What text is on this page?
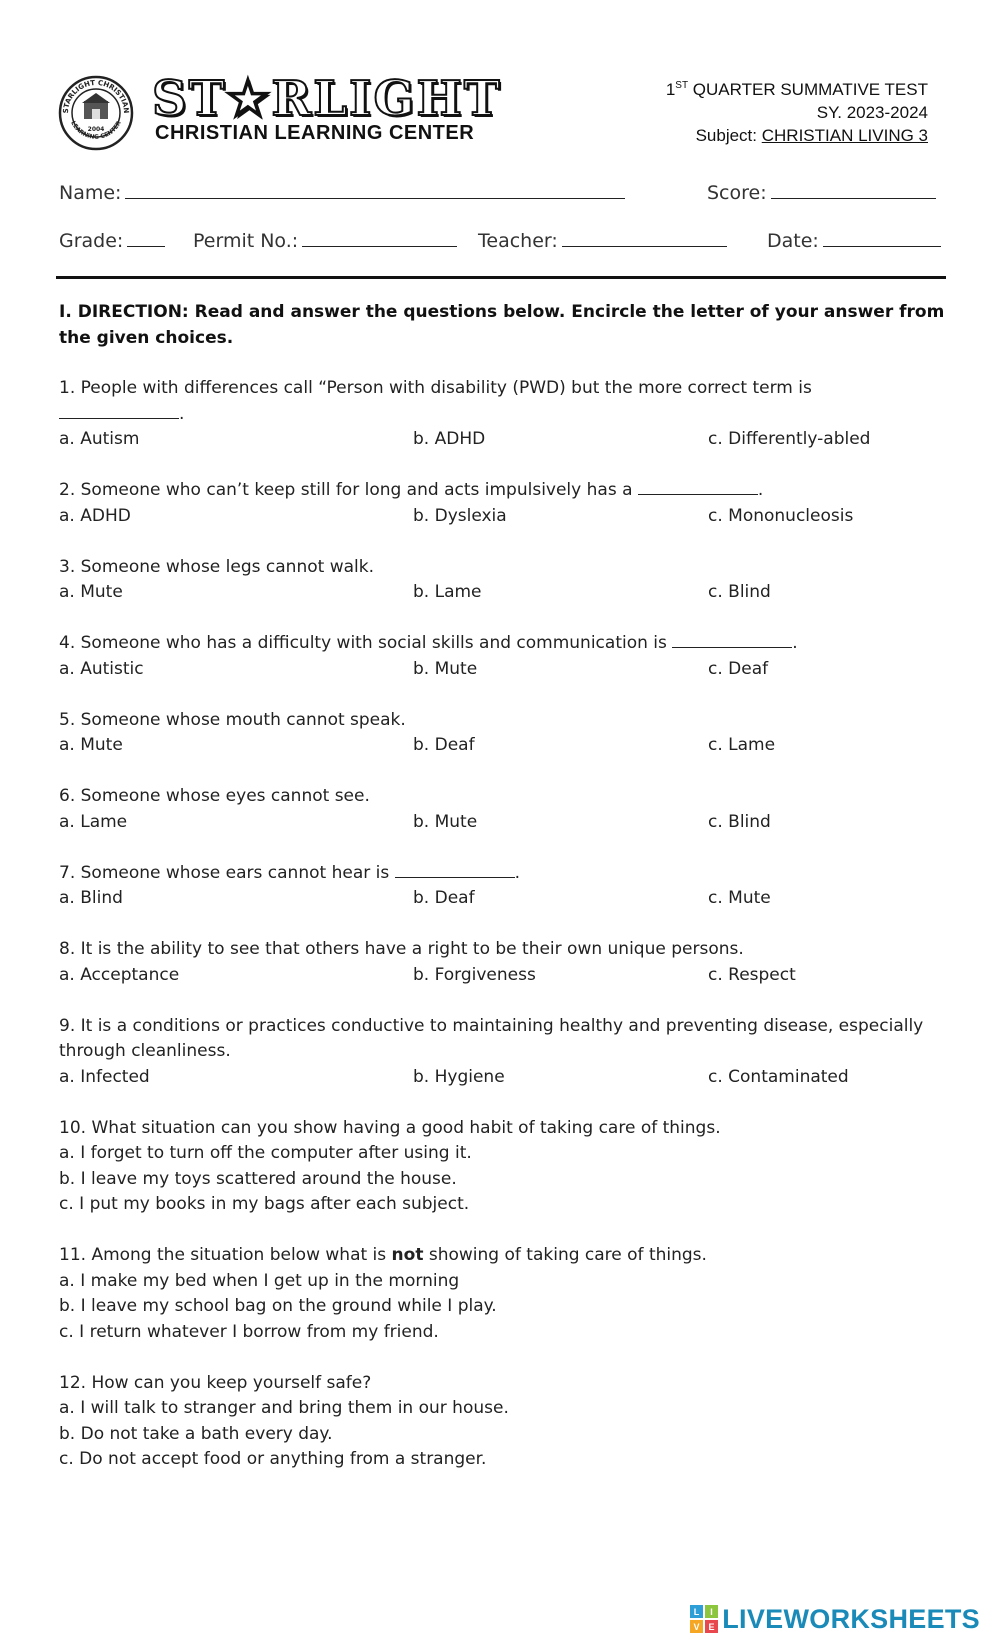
STARLIGHT CHRISTIAN
LEARNING CENTER
2004
ST★RLIGHT
CHRISTIAN LEARNING CENTER
1ST QUARTER SUMMATIVE TEST
SY. 2023-2024
Subject: CHRISTIAN LIVING 3
Name:	Score:
Grade:	Permit No.:	Teacher:	Date:
I. DIRECTION: Read and answer the questions below. Encircle the letter of your answer from the given choices.
1. People with differences call “Person with disability (PWD) but the more correct term is
.
a. Autism	b. ADHD	c. Differently-abled
2. Someone who can’t keep still for long and acts impulsively has a	.
a. ADHD	b. Dyslexia	c. Mononucleosis
3. Someone whose legs cannot walk.
a. Mute	b. Lame	c. Blind
4. Someone who has a difficulty with social skills and communication is	.
a. Autistic	b. Mute	c. Deaf
5. Someone whose mouth cannot speak.
a. Mute	b. Deaf	c. Lame
6. Someone whose eyes cannot see.
a. Lame	b. Mute	c. Blind
7. Someone whose ears cannot hear is	.
a. Blind	b. Deaf	c. Mute
8. It is the ability to see that others have a right to be their own unique persons.
a. Acceptance	b. Forgiveness	c. Respect
9. It is a conditions or practices conductive to maintaining healthy and preventing disease, especially through cleanliness.
a. Infected	b. Hygiene	c. Contaminated
10. What situation can you show having a good habit of taking care of things.
a. I forget to turn off the computer after using it.
b. I leave my toys scattered around the house.
c. I put my books in my bags after each subject.
11. Among the situation below what is not showing of taking care of things.
a. I make my bed when I get up in the morning
b. I leave my school bag on the ground while I play.
c. I return whatever I borrow from my friend.
12. How can you keep yourself safe?
a. I will talk to stranger and bring them in our house.
b. Do not take a bath every day.
c. Do not accept food or anything from a stranger.
L I
V E LIVEWORKSHEETS
